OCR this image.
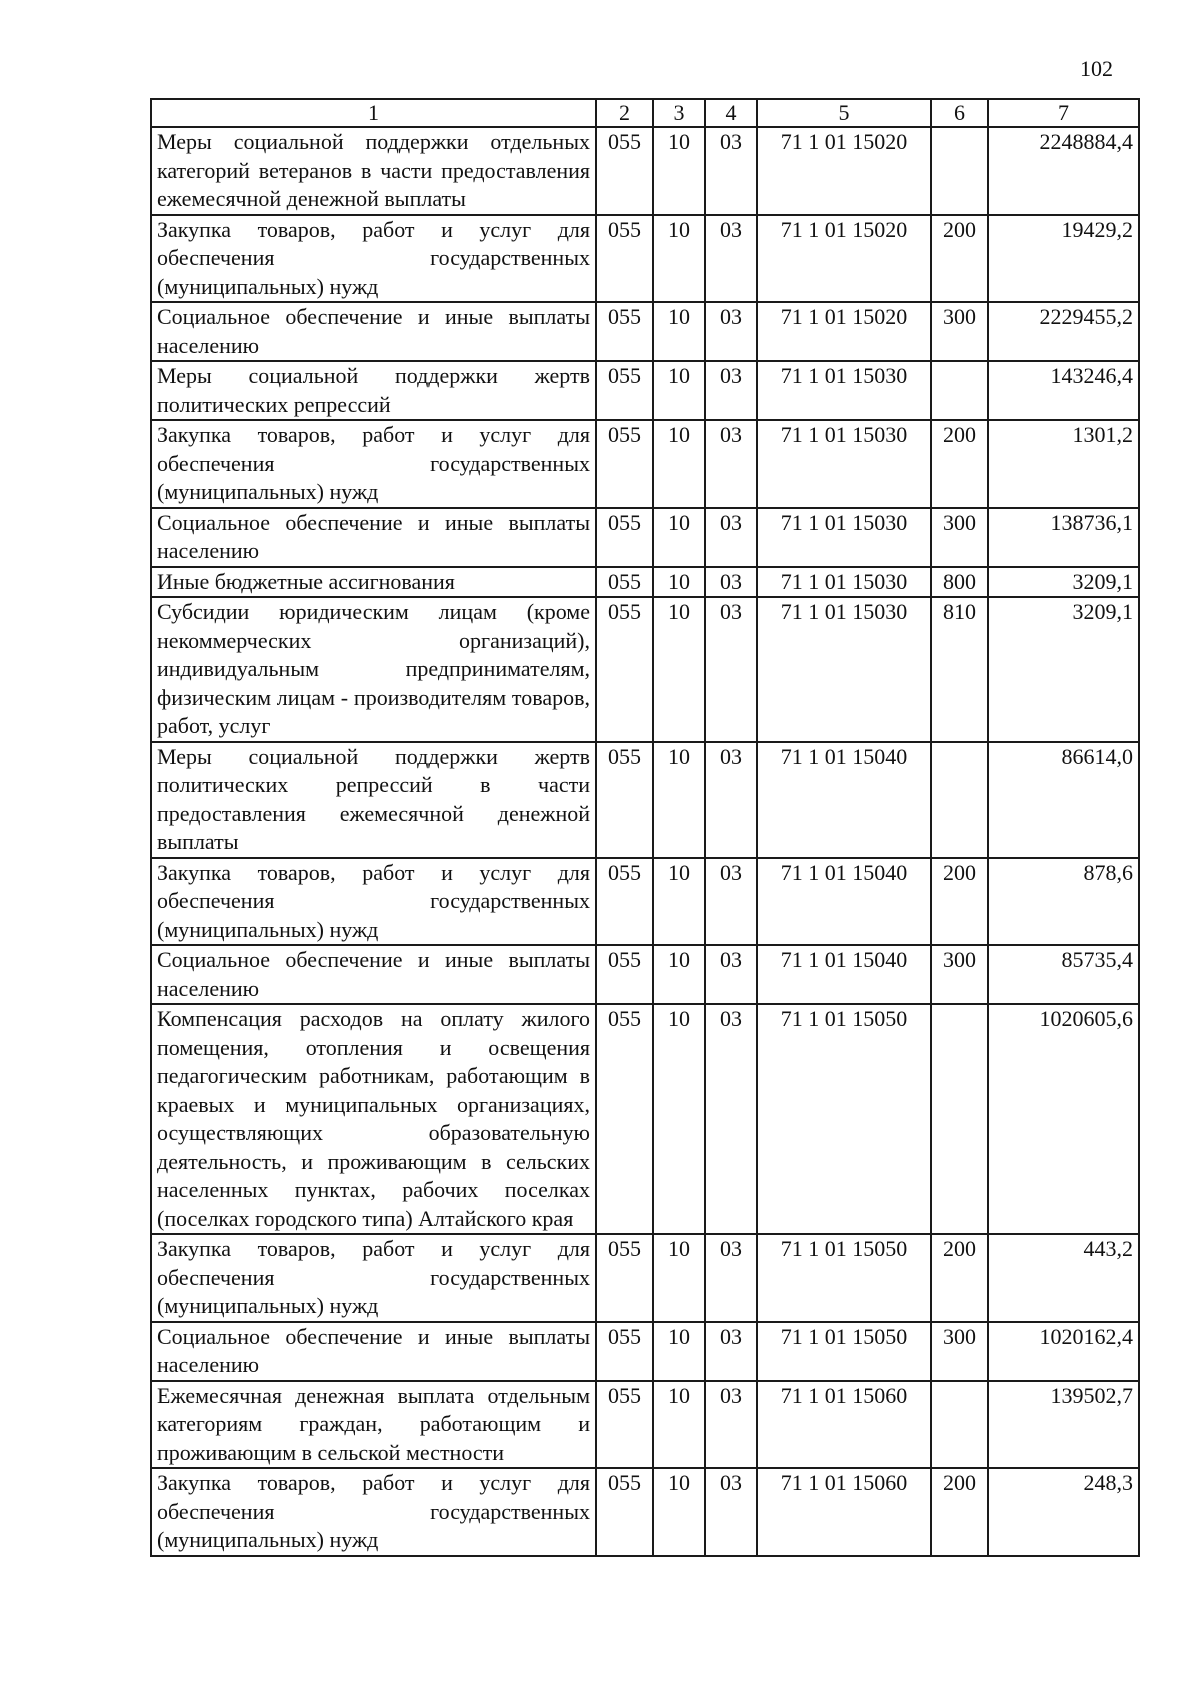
102
1	2	3	4	5	6	7
Меры социальной поддержки отдельных категорий ветеранов в части предоставления ежемесячной денежной выплаты	055	10	03	71 1 01 15020		2248884,4
Закупка товаров, работ и услуг для обеспечения государственных (муниципальных) нужд	055	10	03	71 1 01 15020	200	19429,2
Социальное обеспечение и иные выплаты населению	055	10	03	71 1 01 15020	300	2229455,2
Меры социальной поддержки жертв политических репрессий	055	10	03	71 1 01 15030		143246,4
Закупка товаров, работ и услуг для обеспечения государственных (муниципальных) нужд	055	10	03	71 1 01 15030	200	1301,2
Социальное обеспечение и иные выплаты населению	055	10	03	71 1 01 15030	300	138736,1
Иные бюджетные ассигнования	055	10	03	71 1 01 15030	800	3209,1
Субсидии юридическим лицам (кроме некоммерческих организаций), индивидуальным предпринимателям, физическим лицам - производителям товаров, работ, услуг	055	10	03	71 1 01 15030	810	3209,1
Меры социальной поддержки жертв политических репрессий в части предоставления ежемесячной денежной выплаты	055	10	03	71 1 01 15040		86614,0
Закупка товаров, работ и услуг для обеспечения государственных (муниципальных) нужд	055	10	03	71 1 01 15040	200	878,6
Социальное обеспечение и иные выплаты населению	055	10	03	71 1 01 15040	300	85735,4
Компенсация расходов на оплату жилого помещения, отопления и освещения педагогическим работникам, работающим в краевых и муниципальных организациях, осуществляющих образовательную деятельность, и проживающим в сельских населенных пунктах, рабочих поселках (поселках городского типа) Алтайского края	055	10	03	71 1 01 15050		1020605,6
Закупка товаров, работ и услуг для обеспечения государственных (муниципальных) нужд	055	10	03	71 1 01 15050	200	443,2
Социальное обеспечение и иные выплаты населению	055	10	03	71 1 01 15050	300	1020162,4
Ежемесячная денежная выплата отдельным категориям граждан, работающим и проживающим в сельской местности	055	10	03	71 1 01 15060		139502,7
Закупка товаров, работ и услуг для обеспечения государственных (муниципальных) нужд	055	10	03	71 1 01 15060	200	248,3
